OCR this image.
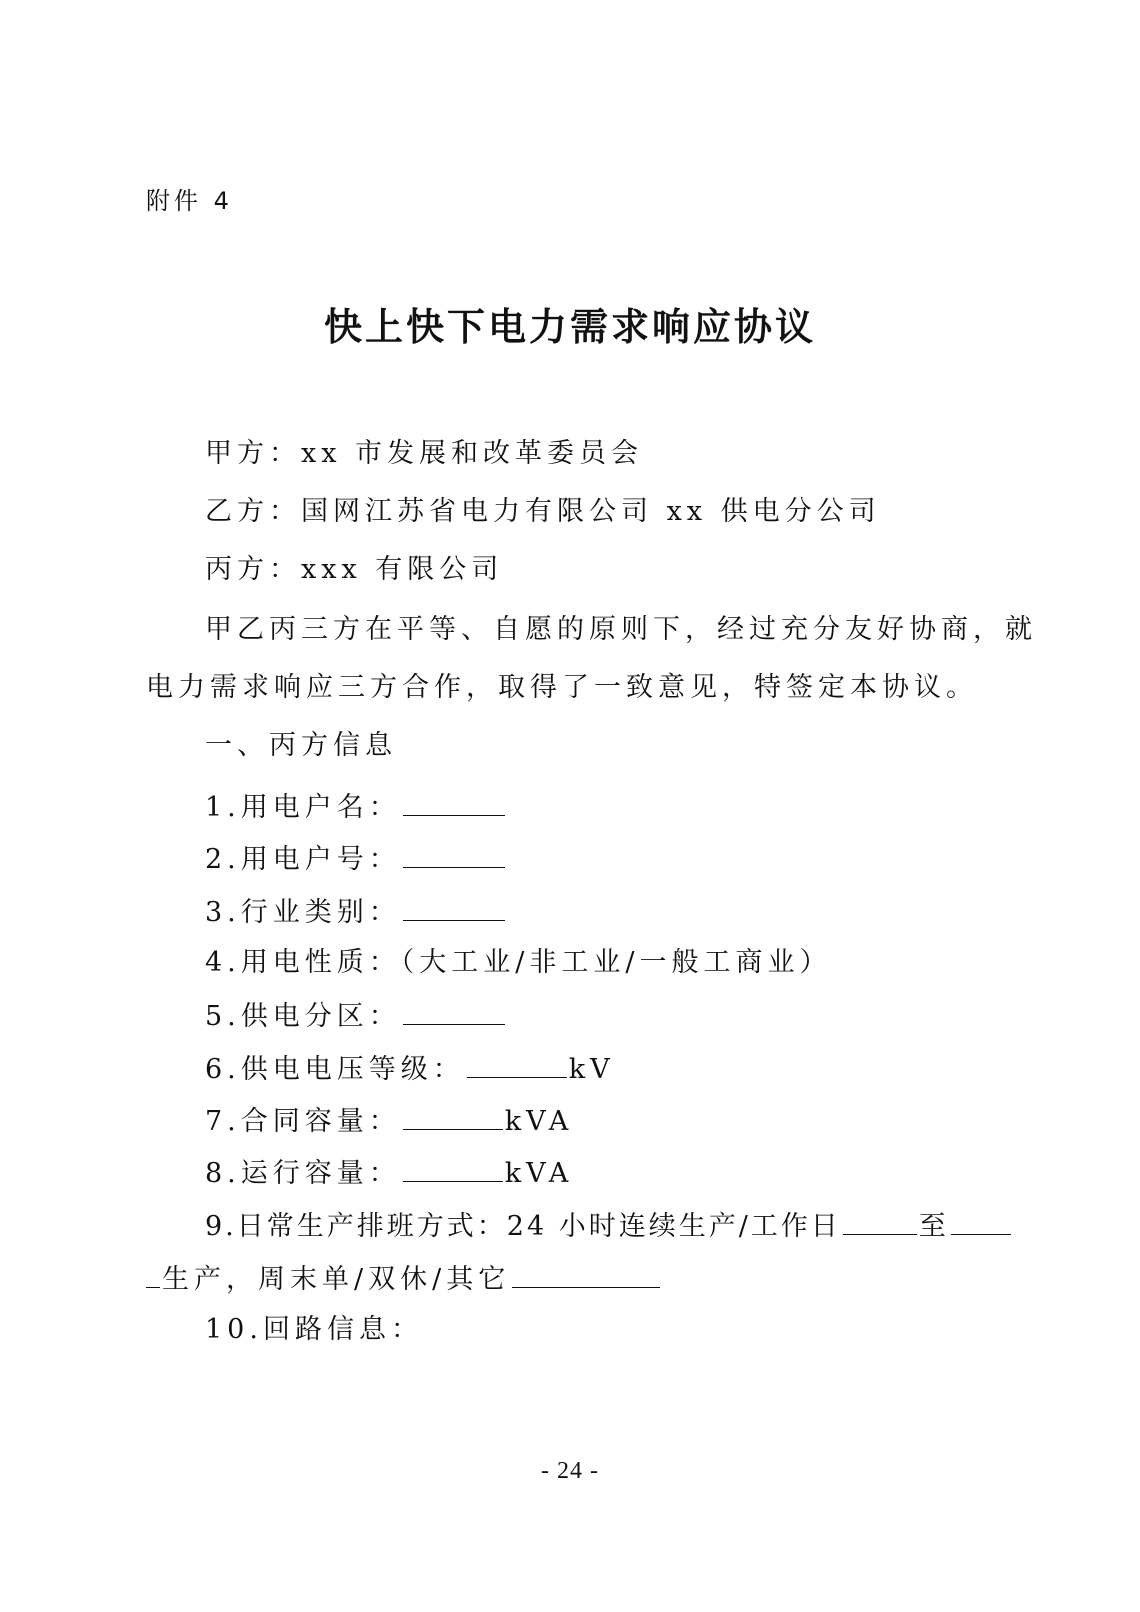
附件 4
快上快下电力需求响应协议
甲方：xx 市发展和改革委员会
乙方：国网江苏省电力有限公司 xx 供电分公司
丙方：xxx 有限公司
甲乙丙三方在平等、自愿的原则下，经过充分友好协商，就
电力需求响应三方合作，取得了一致意见，特签定本协议。
一、丙方信息
1.用电户名：
2.用电户号：
3.行业类别：
4.用电性质：（大工业/非工业/一般工商业）
5.供电分区：
6.供电电压等级：	kV
7.合同容量：	kVA
8.运行容量：	kVA
9.日常生产排班方式：24 小时连续生产/工作日	至
生产，周末单/双休/其它
10.回路信息：
- 24 -
